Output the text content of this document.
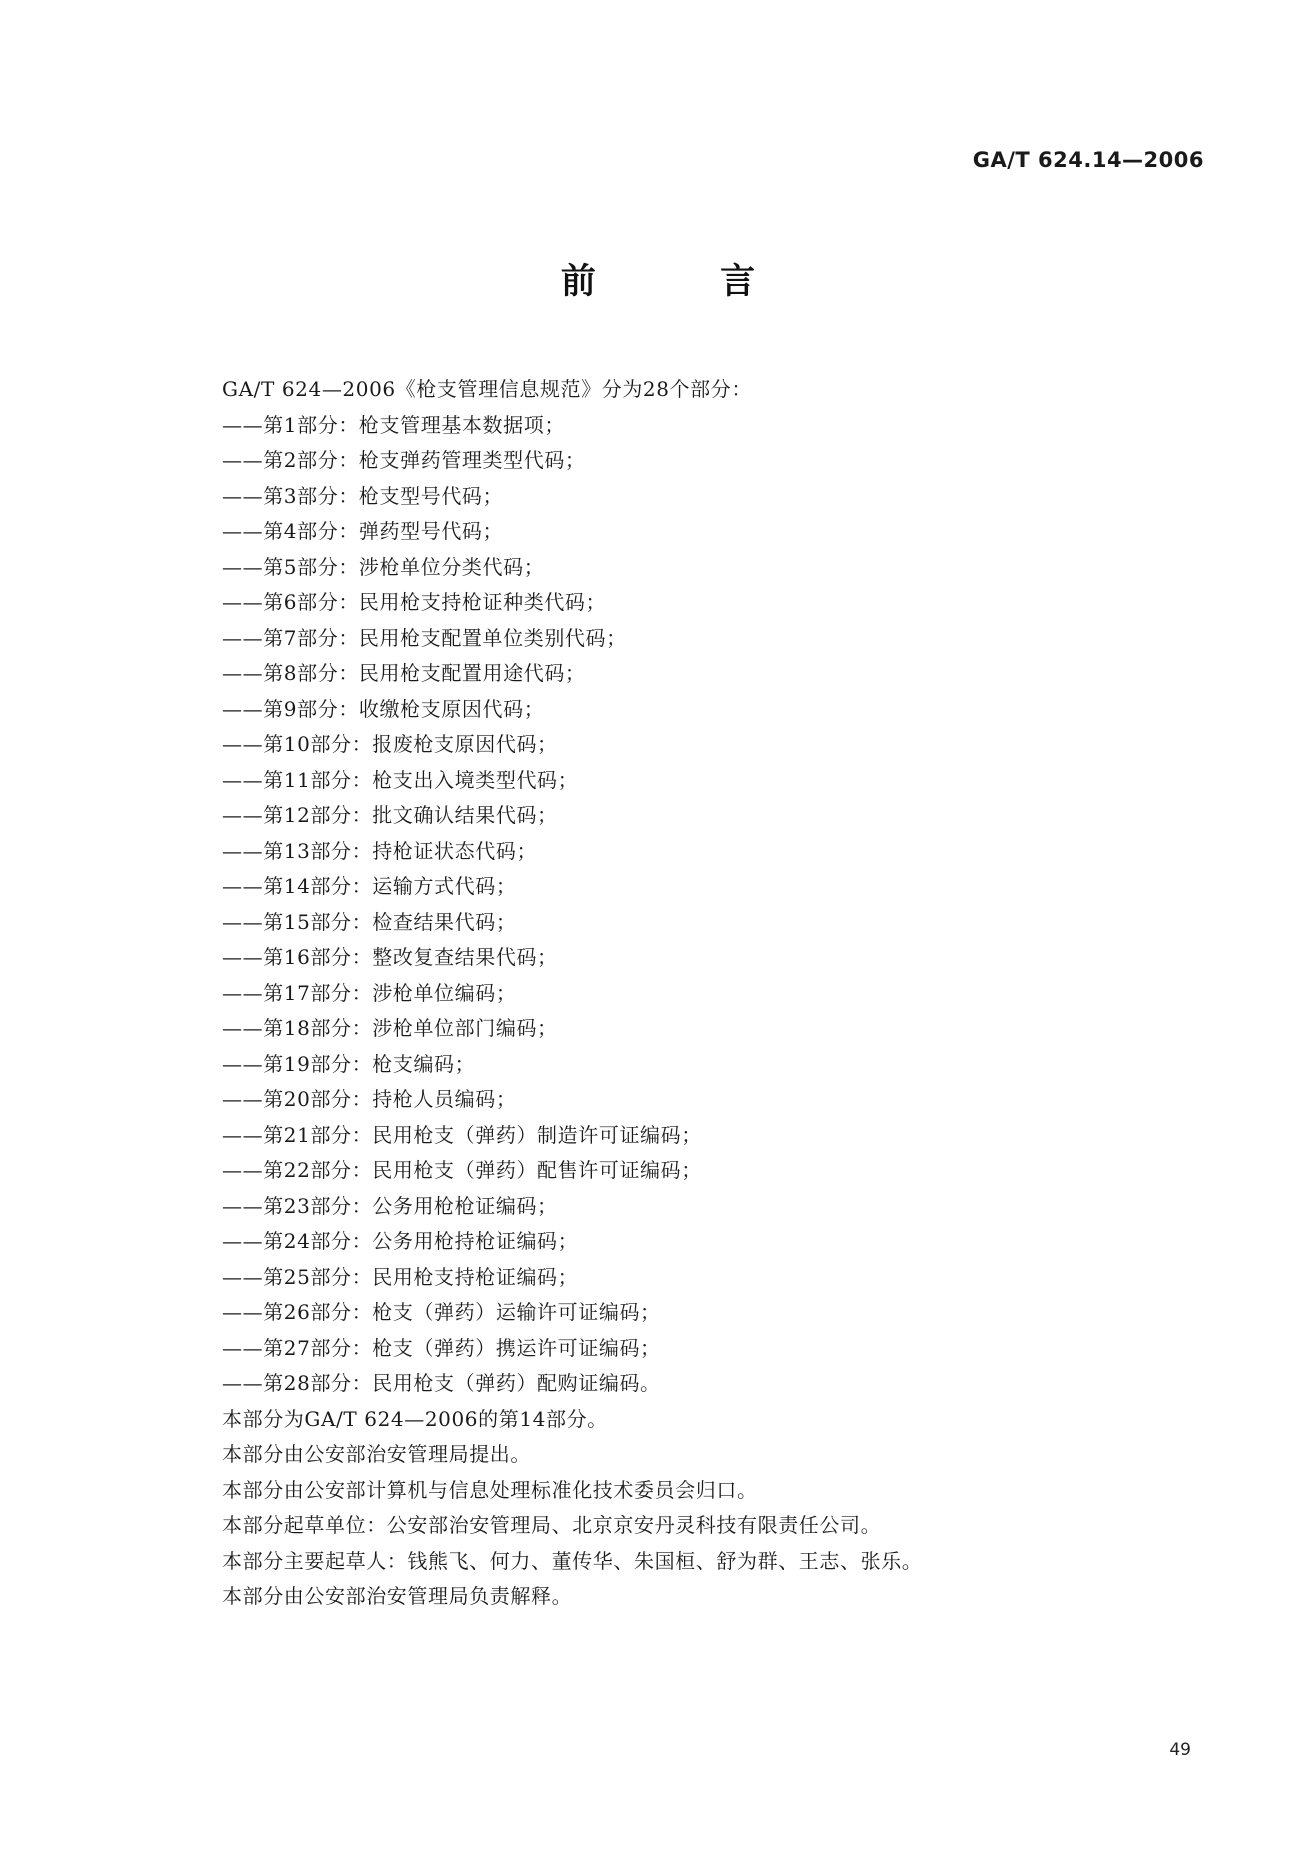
GA/T 624.14—2006
前 言
GA/T 624—2006《枪支管理信息规范》分为28个部分：
——第1部分：枪支管理基本数据项；
——第2部分：枪支弹药管理类型代码；
——第3部分：枪支型号代码；
——第4部分：弹药型号代码；
——第5部分：涉枪单位分类代码；
——第6部分：民用枪支持枪证种类代码；
——第7部分：民用枪支配置单位类别代码；
——第8部分：民用枪支配置用途代码；
——第9部分：收缴枪支原因代码；
——第10部分：报废枪支原因代码；
——第11部分：枪支出入境类型代码；
——第12部分：批文确认结果代码；
——第13部分：持枪证状态代码；
——第14部分：运输方式代码；
——第15部分：检查结果代码；
——第16部分：整改复查结果代码；
——第17部分：涉枪单位编码；
——第18部分：涉枪单位部门编码；
——第19部分：枪支编码；
——第20部分：持枪人员编码；
——第21部分：民用枪支（弹药）制造许可证编码；
——第22部分：民用枪支（弹药）配售许可证编码；
——第23部分：公务用枪枪证编码；
——第24部分：公务用枪持枪证编码；
——第25部分：民用枪支持枪证编码；
——第26部分：枪支（弹药）运输许可证编码；
——第27部分：枪支（弹药）携运许可证编码；
——第28部分：民用枪支（弹药）配购证编码。
本部分为GA/T 624—2006的第14部分。
本部分由公安部治安管理局提出。
本部分由公安部计算机与信息处理标准化技术委员会归口。
本部分起草单位：公安部治安管理局、北京京安丹灵科技有限责任公司。
本部分主要起草人：钱熊飞、何力、董传华、朱国桓、舒为群、王志、张乐。
本部分由公安部治安管理局负责解释。
49
